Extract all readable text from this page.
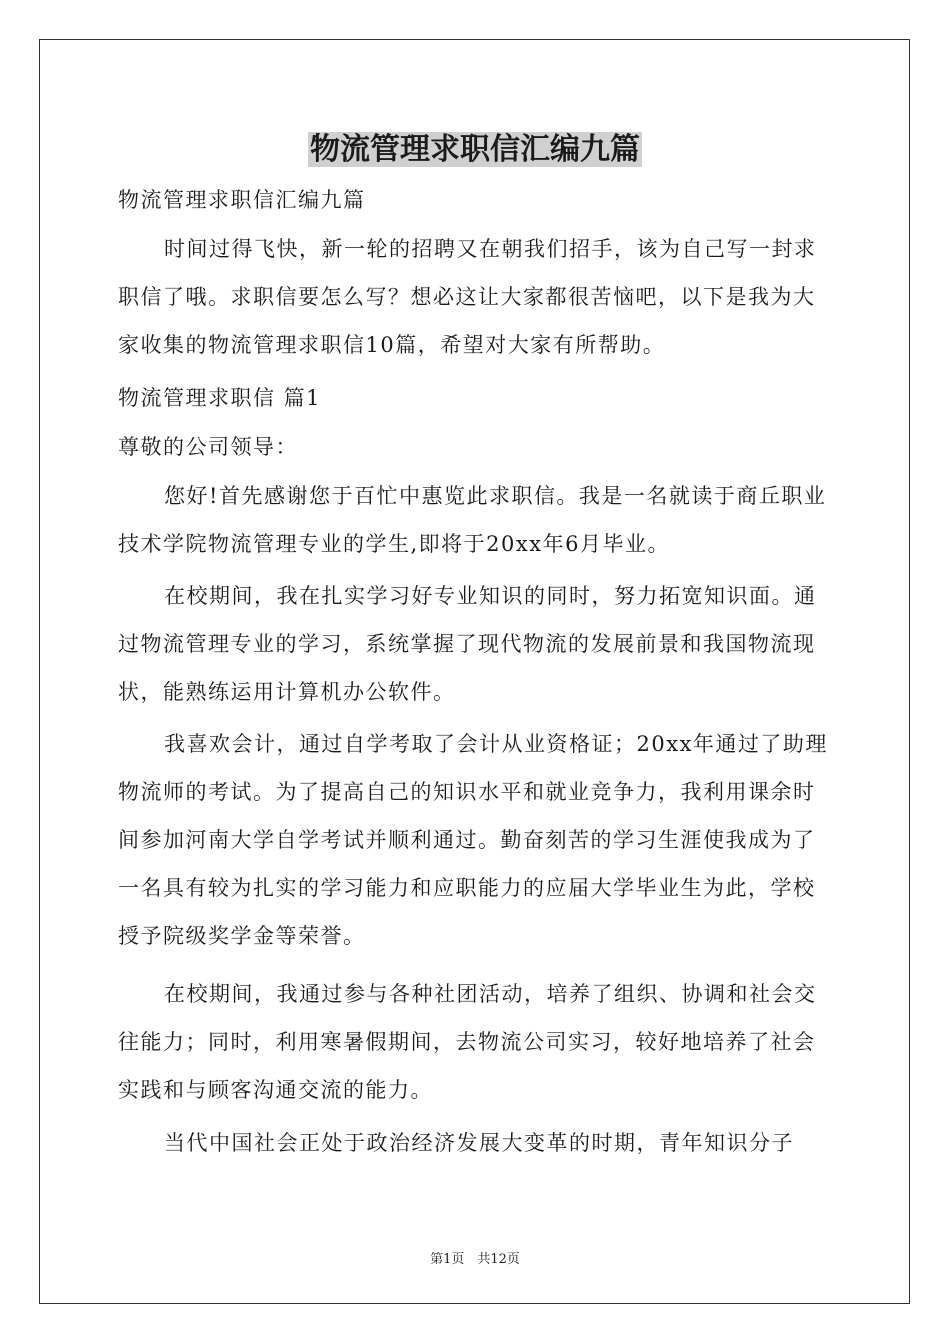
物流管理求职信汇编九篇

物流管理求职信汇编九篇

时间过得飞快，新一轮的招聘又在朝我们招手，该为自己写一封求职信了哦。求职信要怎么写？想必这让大家都很苦恼吧，以下是我为大家收集的物流管理求职信10篇，希望对大家有所帮助。

物流管理求职信 篇1

尊敬的公司领导：

您好!首先感谢您于百忙中惠览此求职信。我是一名就读于商丘职业技术学院物流管理专业的学生,即将于20xx年6月毕业。

在校期间，我在扎实学习好专业知识的同时，努力拓宽知识面。通过物流管理专业的学习，系统掌握了现代物流的发展前景和我国物流现状，能熟练运用计算机办公软件。

我喜欢会计，通过自学考取了会计从业资格证；20xx年通过了助理物流师的考试。为了提高自己的知识水平和就业竞争力，我利用课余时间参加河南大学自学考试并顺利通过。勤奋刻苦的学习生涯使我成为了一名具有较为扎实的学习能力和应职能力的应届大学毕业生为此，学校授予院级奖学金等荣誉。

在校期间，我通过参与各种社团活动，培养了组织、协调和社会交往能力；同时，利用寒暑假期间，去物流公司实习，较好地培养了社会实践和与顾客沟通交流的能力。

当代中国社会正处于政治经济发展大变革的时期，青年知识分子

第1页　共12页
